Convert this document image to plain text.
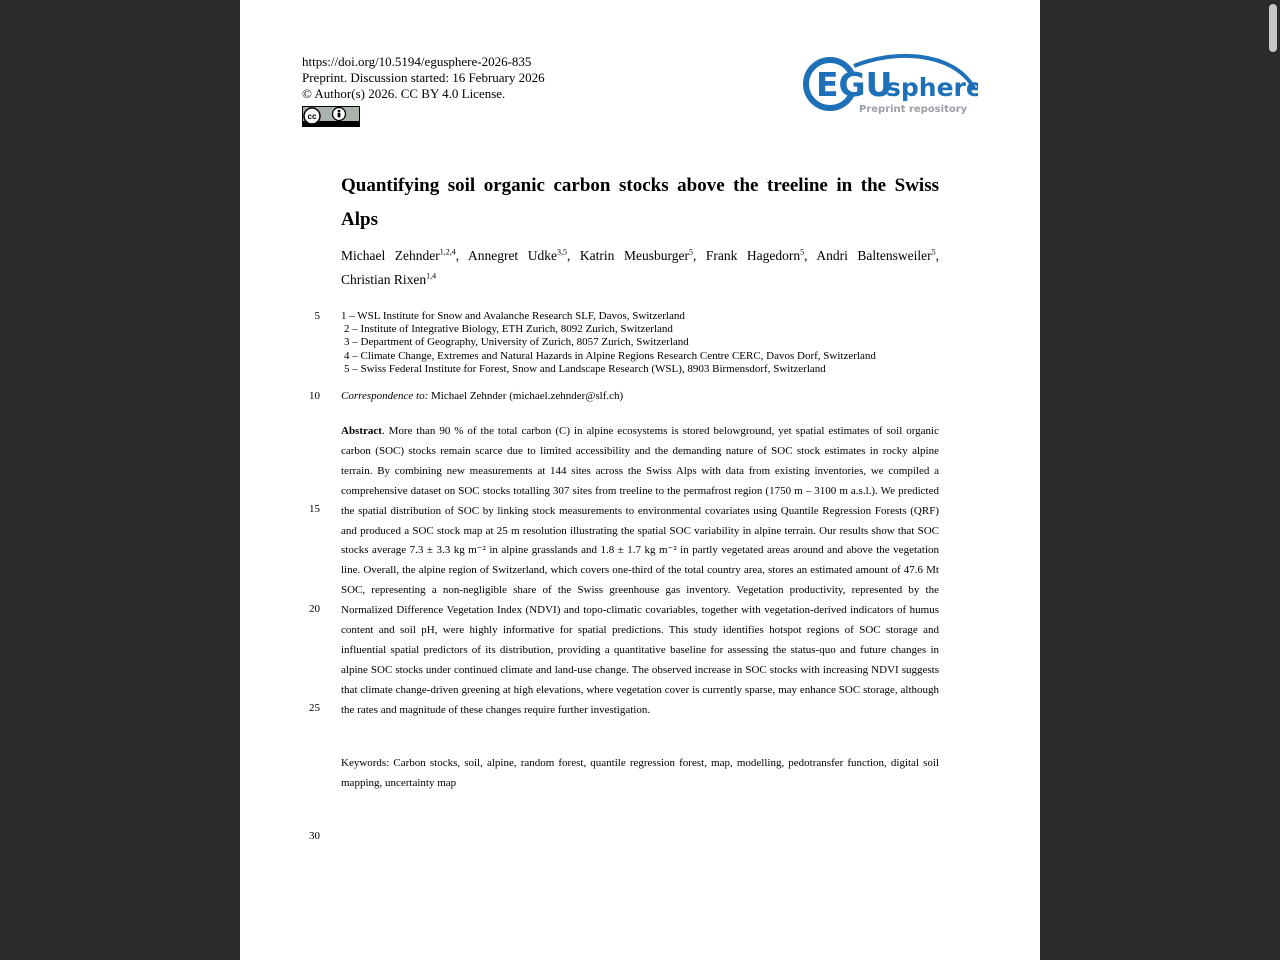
https://doi.org/10.5194/egusphere-2026-835
Preprint. Discussion started: 16 February 2026
© Author(s) 2026. CC BY 4.0 License.
cc
EGU
sphere
Preprint repository
Quantifying soil organic carbon stocks above the treeline in the Swiss Alps
Michael Zehnder$^{1,2,4}$, Annegret Udke$^{3,5}$, Katrin Meusburger$^5$, Frank Hagedorn$^5$, Andri Baltensweiler$^5$,
Christian Rixen$^{1,4}$
5
10
15
20
25
30
1 – WSL Institute for Snow and Avalanche Research SLF, Davos, Switzerland
2 – Institute of Integrative Biology, ETH Zurich, 8092 Zurich, Switzerland
3 – Department of Geography, University of Zurich, 8057 Zurich, Switzerland
4 – Climate Change, Extremes and Natural Hazards in Alpine Regions Research Centre CERC, Davos Dorf, Switzerland
5 – Swiss Federal Institute for Forest, Snow and Landscape Research (WSL), 8903 Birmensdorf, Switzerland
Correspondence to: Michael Zehnder (michael.zehnder@slf.ch)
Abstract. More than 90 % of the total carbon (C) in alpine ecosystems is stored belowground, yet spatial estimates of soil organic carbon (SOC) stocks remain scarce due to limited accessibility and the demanding nature of SOC stock estimates in rocky alpine terrain. By combining new measurements at 144 sites across the Swiss Alps with data from existing inventories, we compiled a comprehensive dataset on SOC stocks totalling 307 sites from treeline to the permafrost region (1750 m – 3100 m a.s.l.). We predicted the spatial distribution of SOC by linking stock measurements to environmental covariates using Quantile Regression Forests (QRF) and produced a SOC stock map at 25 m resolution illustrating the spatial SOC variability in alpine terrain. Our results show that SOC stocks average 7.3 ± 3.3 kg m⁻² in alpine grasslands and 1.8 ± 1.7 kg m⁻² in partly vegetated areas around and above the vegetation line. Overall, the alpine region of Switzerland, which covers one-third of the total country area, stores an estimated amount of 47.6 Mt SOC, representing a non-negligible share of the Swiss greenhouse gas inventory. Vegetation productivity, represented by the Normalized Difference Vegetation Index (NDVI) and topo-climatic covariables, together with vegetation-derived indicators of humus content and soil pH, were highly informative for spatial predictions. This study identifies hotspot regions of SOC storage and influential spatial predictors of its distribution, providing a quantitative baseline for assessing the status-quo and future changes in alpine SOC stocks under continued climate and land-use change. The observed increase in SOC stocks with increasing NDVI suggests that climate change-driven greening at high elevations, where vegetation cover is currently sparse, may enhance SOC storage, although the rates and magnitude of these changes require further investigation.
Keywords: Carbon stocks, soil, alpine, random forest, quantile regression forest, map, modelling, pedotransfer function, digital soil mapping, uncertainty map
